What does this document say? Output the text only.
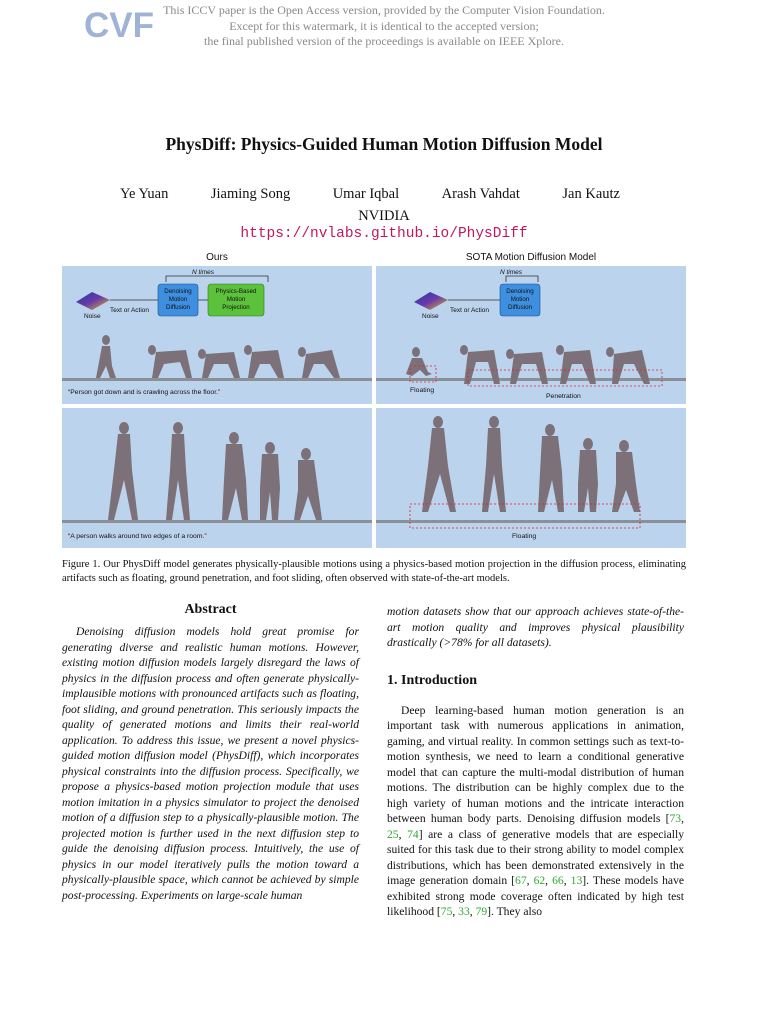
CVF This ICCV paper is the Open Access version, provided by the Computer Vision Foundation.
Except for this watermark, it is identical to the accepted version;
the final published version of the proceedings is available on IEEE Xplore.
PhysDiff: Physics-Guided Human Motion Diffusion Model
Ye Yuan	Jiaming Song	Umar Iqbal	Arash Vahdat	Jan Kautz
NVIDIA
https://nvlabs.github.io/PhysDiff
Ours	SOTA Motion Diffusion Model
Noise
Text or Action
N times
Denoising
Motion
Diffusion
Physics-Based
Motion
Projection
“Person got down and is crawling across the floor.”
Noise
Text or Action
N times
Denoising
Motion
Diffusion
Floating
Penetration
“A person walks around two edges of a room.”	Floating
Figure 1. Our PhysDiff model generates physically-plausible motions using a physics-based motion projection in the diffusion process, eliminating artifacts such as floating, ground penetration, and foot sliding, often observed with state-of-the-art models.
Abstract

Denoising diffusion models hold great promise for generating diverse and realistic human motions. However, existing motion diffusion models largely disregard the laws of physics in the diffusion process and often generate physically-implausible motions with pronounced artifacts such as floating, foot sliding, and ground penetration. This seriously impacts the quality of generated motions and limits their real-world application. To address this issue, we present a novel physics-guided motion diffusion model (PhysDiff), which incorporates physical constraints into the diffusion process. Specifically, we propose a physics-based motion projection module that uses motion imitation in a physics simulator to project the denoised motion of a diffusion step to a physically-plausible motion. The projected motion is further used in the next diffusion step to guide the denoising diffusion process. Intuitively, the use of physics in our model iteratively pulls the motion toward a physically-plausible space, which cannot be achieved by simple post-processing. Experiments on large-scale human

motion datasets show that our approach achieves state-of-the-art motion quality and improves physical plausibility drastically (>78% for all datasets).

1. Introduction

Deep learning-based human motion generation is an important task with numerous applications in animation, gaming, and virtual reality. In common settings such as text-to-motion synthesis, we need to learn a conditional generative model that can capture the multi-modal distribution of human motions. The distribution can be highly complex due to the high variety of human motions and the intricate interaction between human body parts. Denoising diffusion models [73, 25, 74] are a class of generative models that are especially suited for this task due to their strong ability to model complex distributions, which has been demonstrated extensively in the image generation domain [67, 62, 66, 13]. These models have exhibited strong mode coverage often indicated by high test likelihood [75, 33, 79]. They also
